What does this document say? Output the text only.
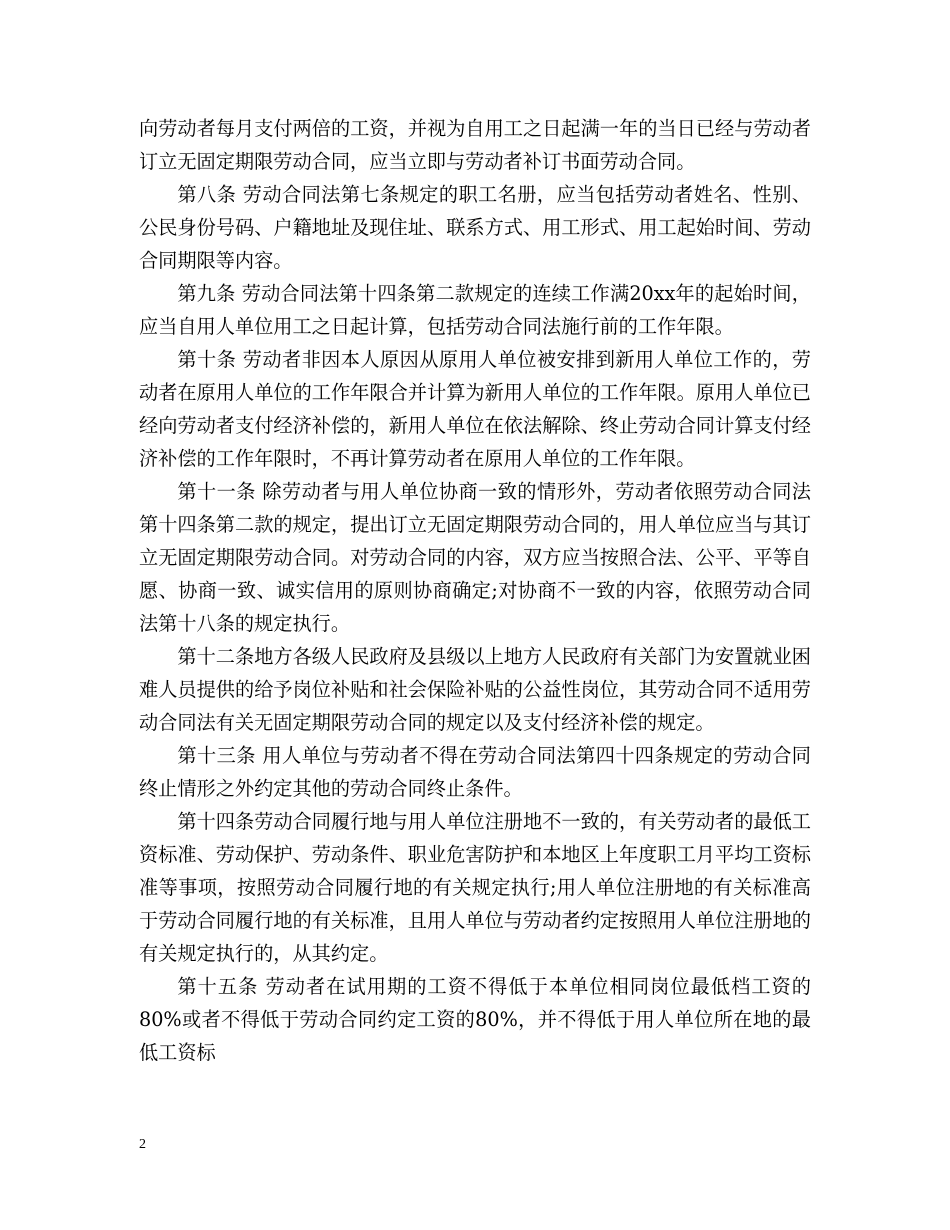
向劳动者每月支付两倍的工资，并视为自用工之日起满一年的当日已经与劳动者订立无固定期限劳动合同，应当立即与劳动者补订书面劳动合同。

第八条 劳动合同法第七条规定的职工名册，应当包括劳动者姓名、性别、公民身份号码、户籍地址及现住址、联系方式、用工形式、用工起始时间、劳动合同期限等内容。

第九条 劳动合同法第十四条第二款规定的连续工作满20xx年的起始时间，应当自用人单位用工之日起计算，包括劳动合同法施行前的工作年限。

第十条 劳动者非因本人原因从原用人单位被安排到新用人单位工作的，劳动者在原用人单位的工作年限合并计算为新用人单位的工作年限。原用人单位已经向劳动者支付经济补偿的，新用人单位在依法解除、终止劳动合同计算支付经济补偿的工作年限时，不再计算劳动者在原用人单位的工作年限。

第十一条 除劳动者与用人单位协商一致的情形外，劳动者依照劳动合同法第十四条第二款的规定，提出订立无固定期限劳动合同的，用人单位应当与其订立无固定期限劳动合同。对劳动合同的内容，双方应当按照合法、公平、平等自愿、协商一致、诚实信用的原则协商确定;对协商不一致的内容，依照劳动合同法第十八条的规定执行。

第十二条地方各级人民政府及县级以上地方人民政府有关部门为安置就业困难人员提供的给予岗位补贴和社会保险补贴的公益性岗位，其劳动合同不适用劳动合同法有关无固定期限劳动合同的规定以及支付经济补偿的规定。

第十三条 用人单位与劳动者不得在劳动合同法第四十四条规定的劳动合同终止情形之外约定其他的劳动合同终止条件。

第十四条劳动合同履行地与用人单位注册地不一致的，有关劳动者的最低工资标准、劳动保护、劳动条件、职业危害防护和本地区上年度职工月平均工资标准等事项，按照劳动合同履行地的有关规定执行;用人单位注册地的有关标准高于劳动合同履行地的有关标准，且用人单位与劳动者约定按照用人单位注册地的有关规定执行的，从其约定。

第十五条 劳动者在试用期的工资不得低于本单位相同岗位最低档工资的80%或者不得低于劳动合同约定工资的80%，并不得低于用人单位所在地的最低工资标

2
